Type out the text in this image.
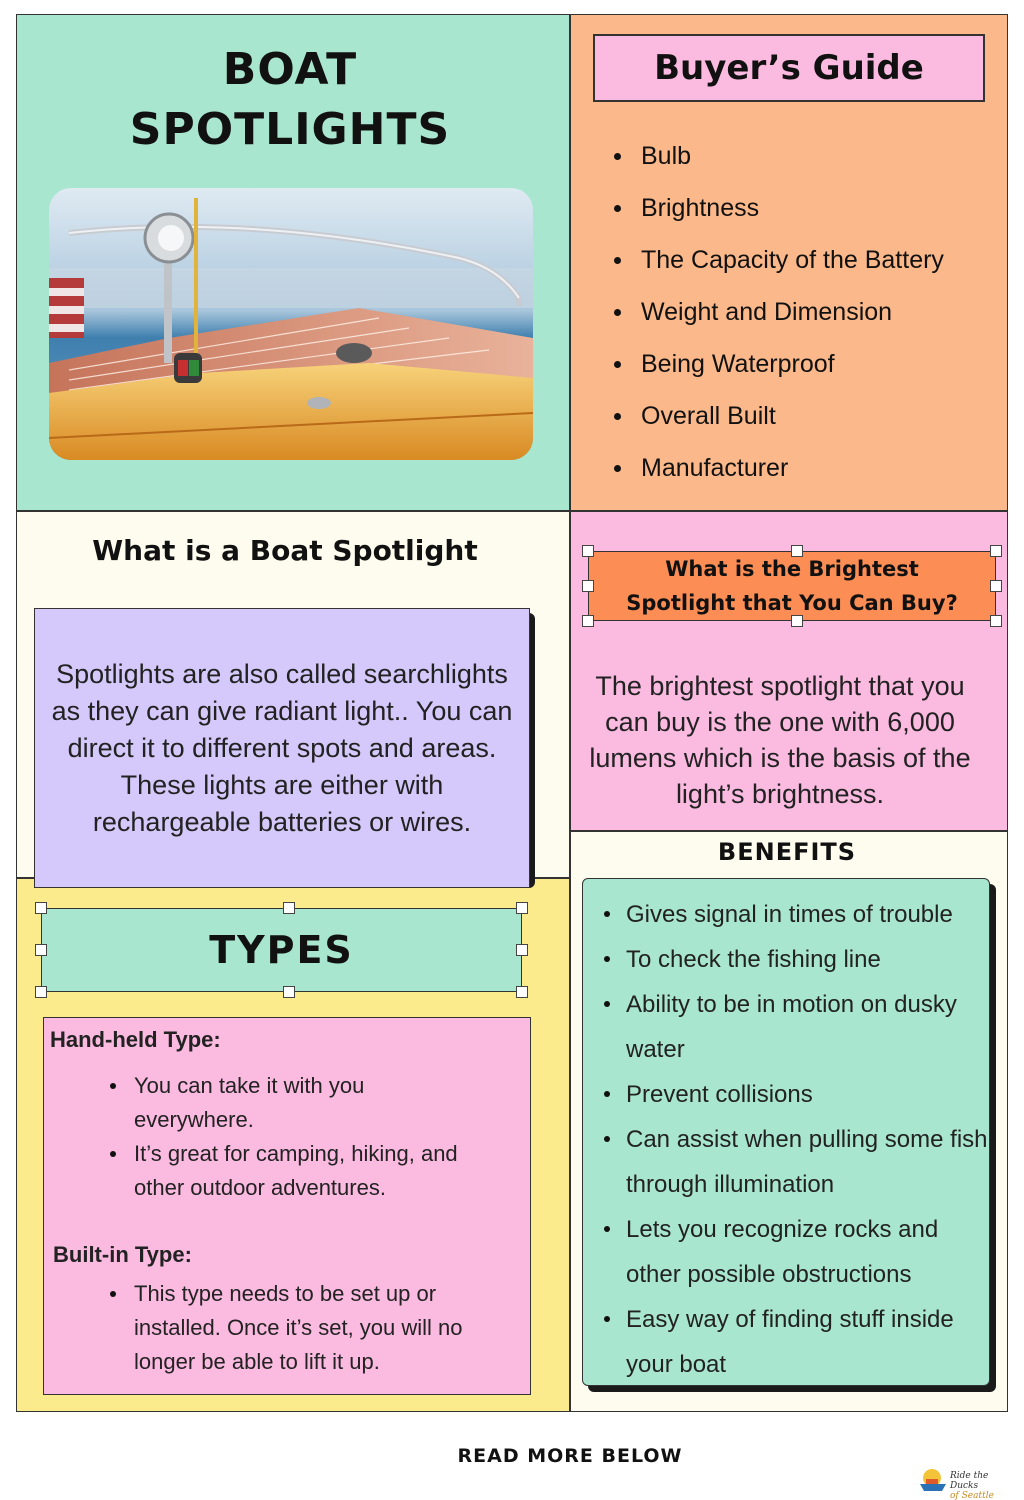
BOAT
SPOTLIGHTS
Buyer’s Guide
Bulb
Brightness
The Capacity of the Battery
Weight and Dimension
Being Waterproof
Overall Built
Manufacturer
What is a Boat Spotlight
Spotlights are also called searchlights as they can give radiant light.. You can direct it to different spots and areas. These lights are either with rechargeable batteries or wires.
What is the Brightest
Spotlight that You Can Buy?
The brightest spotlight that you can buy is the one with 6,000 lumens which is the basis of the light’s brightness.
BENEFITS
Gives signal in times of trouble
To check the fishing line
Ability to be in motion on dusky water
Prevent collisions
Can assist when pulling some fish through illumination
Lets you recognize rocks and other possible obstructions
Easy way of finding stuff inside your boat
TYPES
Hand-held Type:
You can take it with you everywhere.
It’s great for camping, hiking, and other outdoor adventures.
Built-in Type:
This type needs to be set up or installed. Once it’s set, you will no longer be able to lift it up.
READ MORE BELOW
Ride the Ducks
of Seattle
